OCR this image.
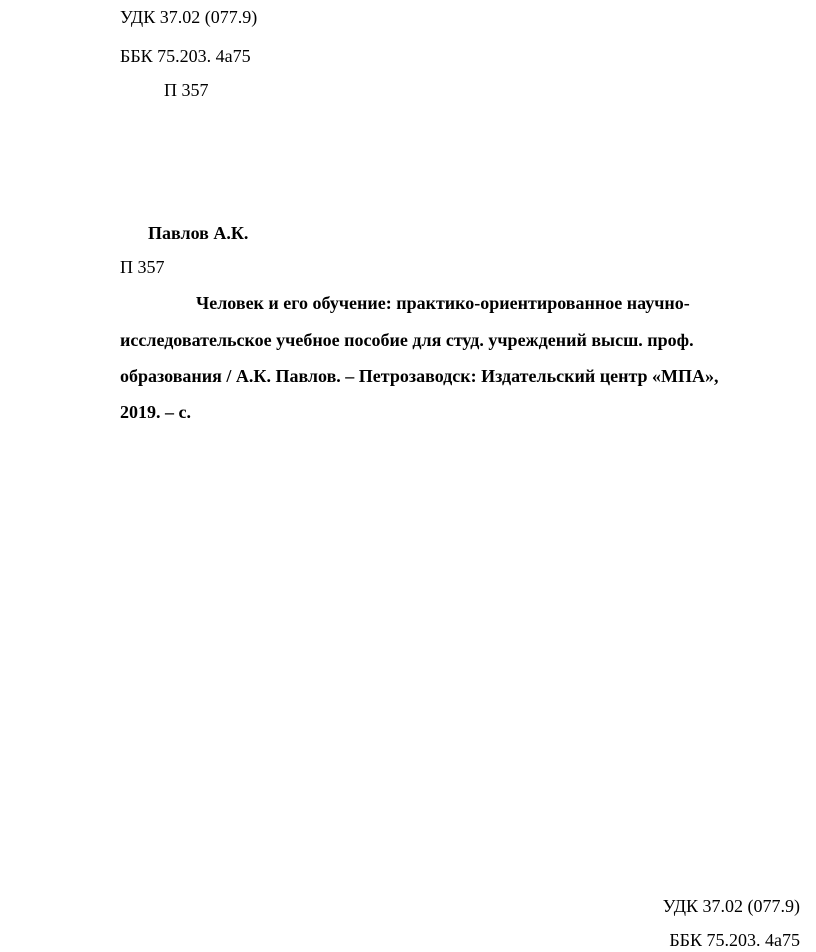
УДК 37.02 (077.9)
ББК 75.203. 4а75
П 357
Павлов А.К.
П 357
Человек и его обучение: практико-ориентированное научно-
исследовательское учебное пособие для студ. учреждений высш. проф.
образования / А.К. Павлов. – Петрозаводск: Издательский центр «МПА»,
2019. – с.
УДК 37.02 (077.9)
ББК 75.203. 4а75
